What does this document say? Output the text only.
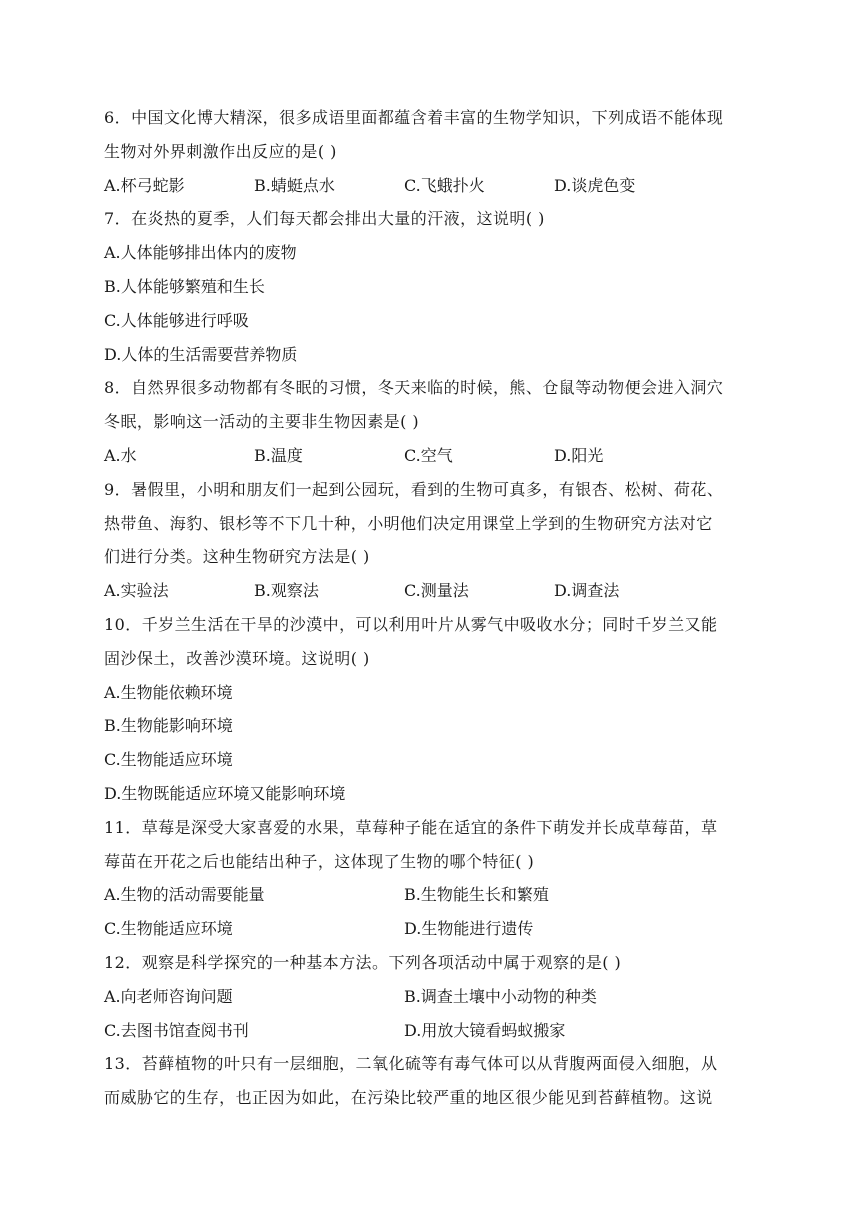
6．中国文化博大精深，很多成语里面都蕴含着丰富的生物学知识，下列成语不能体现
生物对外界刺激作出反应的是( )
A.杯弓蛇影	B.蜻蜓点水	C.飞蛾扑火	D.谈虎色变
7．在炎热的夏季，人们每天都会排出大量的汗液，这说明( )
A.人体能够排出体内的废物
B.人体能够繁殖和生长
C.人体能够进行呼吸
D.人体的生活需要营养物质
8．自然界很多动物都有冬眠的习惯，冬天来临的时候，熊、仓鼠等动物便会进入洞穴
冬眠，影响这一活动的主要非生物因素是( )
A.水	B.温度	C.空气	D.阳光
9．暑假里，小明和朋友们一起到公园玩，看到的生物可真多，有银杏、松树、荷花、
热带鱼、海豹、银杉等不下几十种，小明他们决定用课堂上学到的生物研究方法对它
们进行分类。这种生物研究方法是( )
A.实验法	B.观察法	C.测量法	D.调查法
10．千岁兰生活在干旱的沙漠中，可以利用叶片从雾气中吸收水分；同时千岁兰又能
固沙保土，改善沙漠环境。这说明( )
A.生物能依赖环境
B.生物能影响环境
C.生物能适应环境
D.生物既能适应环境又能影响环境
11．草莓是深受大家喜爱的水果，草莓种子能在适宜的条件下萌发并长成草莓苗，草
莓苗在开花之后也能结出种子，这体现了生物的哪个特征( )
A.生物的活动需要能量	B.生物能生长和繁殖
C.生物能适应环境	D.生物能进行遗传
12．观察是科学探究的一种基本方法。下列各项活动中属于观察的是( )
A.向老师咨询问题	B.调查土壤中小动物的种类
C.去图书馆查阅书刊	D.用放大镜看蚂蚁搬家
13．苔藓植物的叶只有一层细胞，二氧化硫等有毒气体可以从背腹两面侵入细胞，从
而威胁它的生存，也正因为如此，在污染比较严重的地区很少能见到苔藓植物。这说
